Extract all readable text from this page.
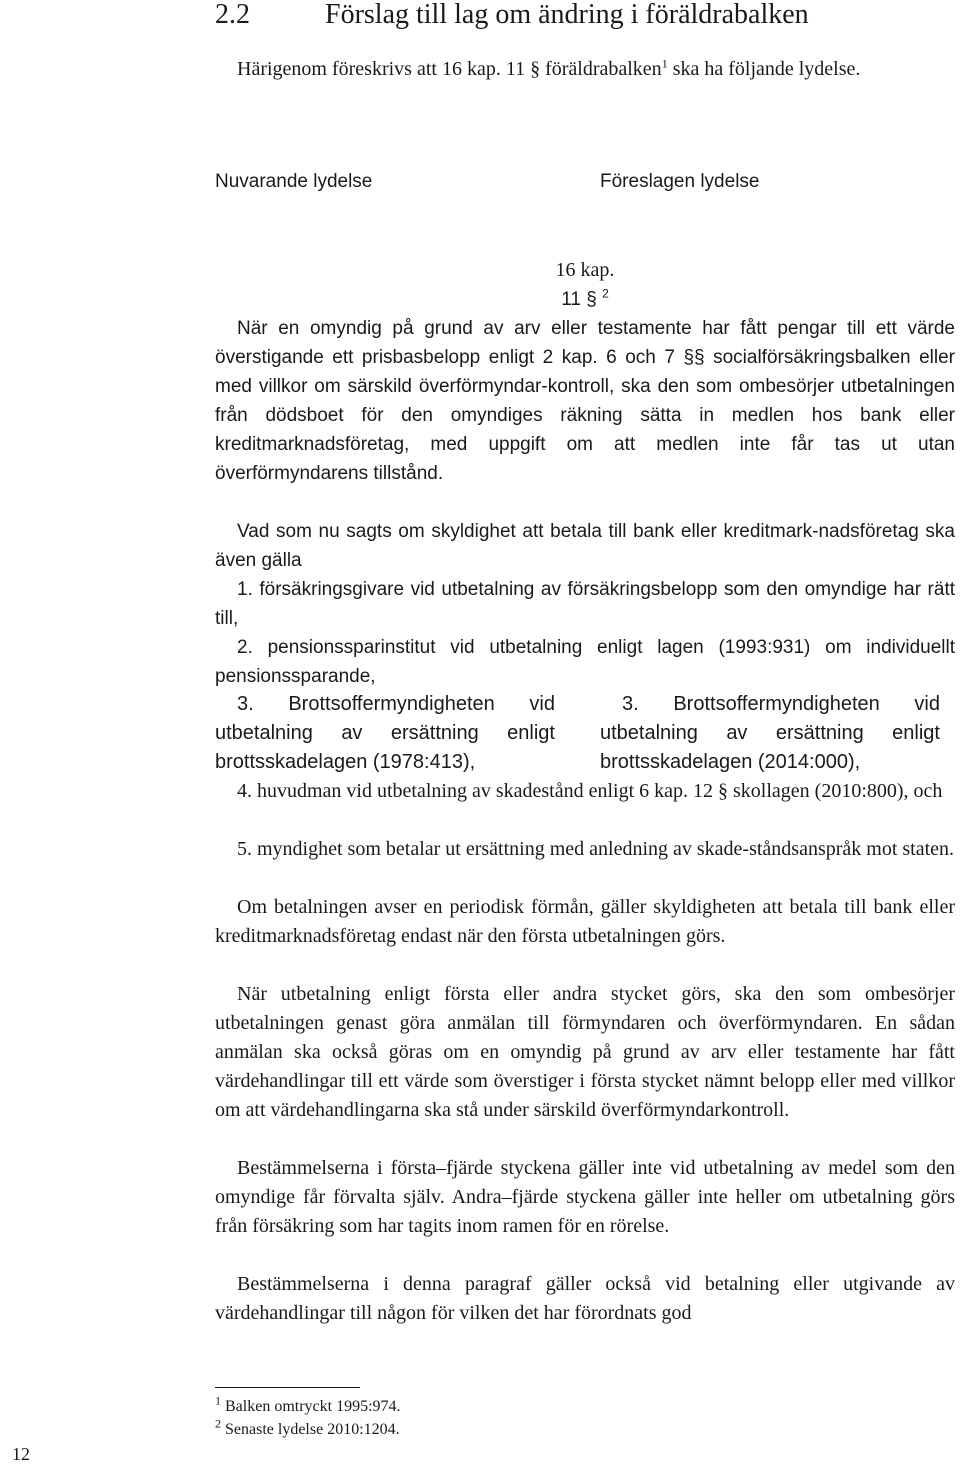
2.2	Förslag till lag om ändring i föräldrabalken
Härigenom föreskrivs att 16 kap. 11 § föräldrabalken$^1$ ska ha följande lydelse.
Nuvarande lydelse	Föreslagen lydelse
16 kap.
11 § $^2$
När en omyndig på grund av arv eller testamente har fått pengar till ett värde överstigande ett prisbasbelopp enligt 2 kap. 6 och 7 §§ socialförsäkringsbalken eller med villkor om särskild överförmyndar-kontroll, ska den som ombesörjer utbetalningen från dödsboet för den omyndiges räkning sätta in medlen hos bank eller kreditmarknadsföretag, med uppgift om att medlen inte får tas ut utan överförmyndarens tillstånd.
Vad som nu sagts om skyldighet att betala till bank eller kreditmark-nadsföretag ska även gälla
1. försäkringsgivare vid utbetalning av försäkringsbelopp som den omyndige har rätt till,
2. pensionssparinstitut vid utbetalning enligt lagen (1993:931) om individuellt pensionssparande,
3. Brottsoffermyndigheten vid utbetalning av ersättning enligt brottsskadelagen (1978:413),
3. Brottsoffermyndigheten vid utbetalning av ersättning enligt brottsskadelagen (2014:000),
4. huvudman vid utbetalning av skadestånd enligt 6 kap. 12 § skollagen (2010:800), och
5. myndighet som betalar ut ersättning med anledning av skade-ståndsanspråk mot staten.
Om betalningen avser en periodisk förmån, gäller skyldigheten att betala till bank eller kreditmarknadsföretag endast när den första utbetalningen görs.
När utbetalning enligt första eller andra stycket görs, ska den som ombesörjer utbetalningen genast göra anmälan till förmyndaren och överförmyndaren. En sådan anmälan ska också göras om en omyndig på grund av arv eller testamente har fått värdehandlingar till ett värde som överstiger i första stycket nämnt belopp eller med villkor om att värdehandlingarna ska stå under särskild överförmyndarkontroll.
Bestämmelserna i första–fjärde styckena gäller inte vid utbetalning av medel som den omyndige får förvalta själv. Andra–fjärde styckena gäller inte heller om utbetalning görs från försäkring som har tagits inom ramen för en rörelse.
Bestämmelserna i denna paragraf gäller också vid betalning eller utgivande av värdehandlingar till någon för vilken det har förordnats god
$^1$ Balken omtryckt 1995:974.
$^2$ Senaste lydelse 2010:1204.
12
